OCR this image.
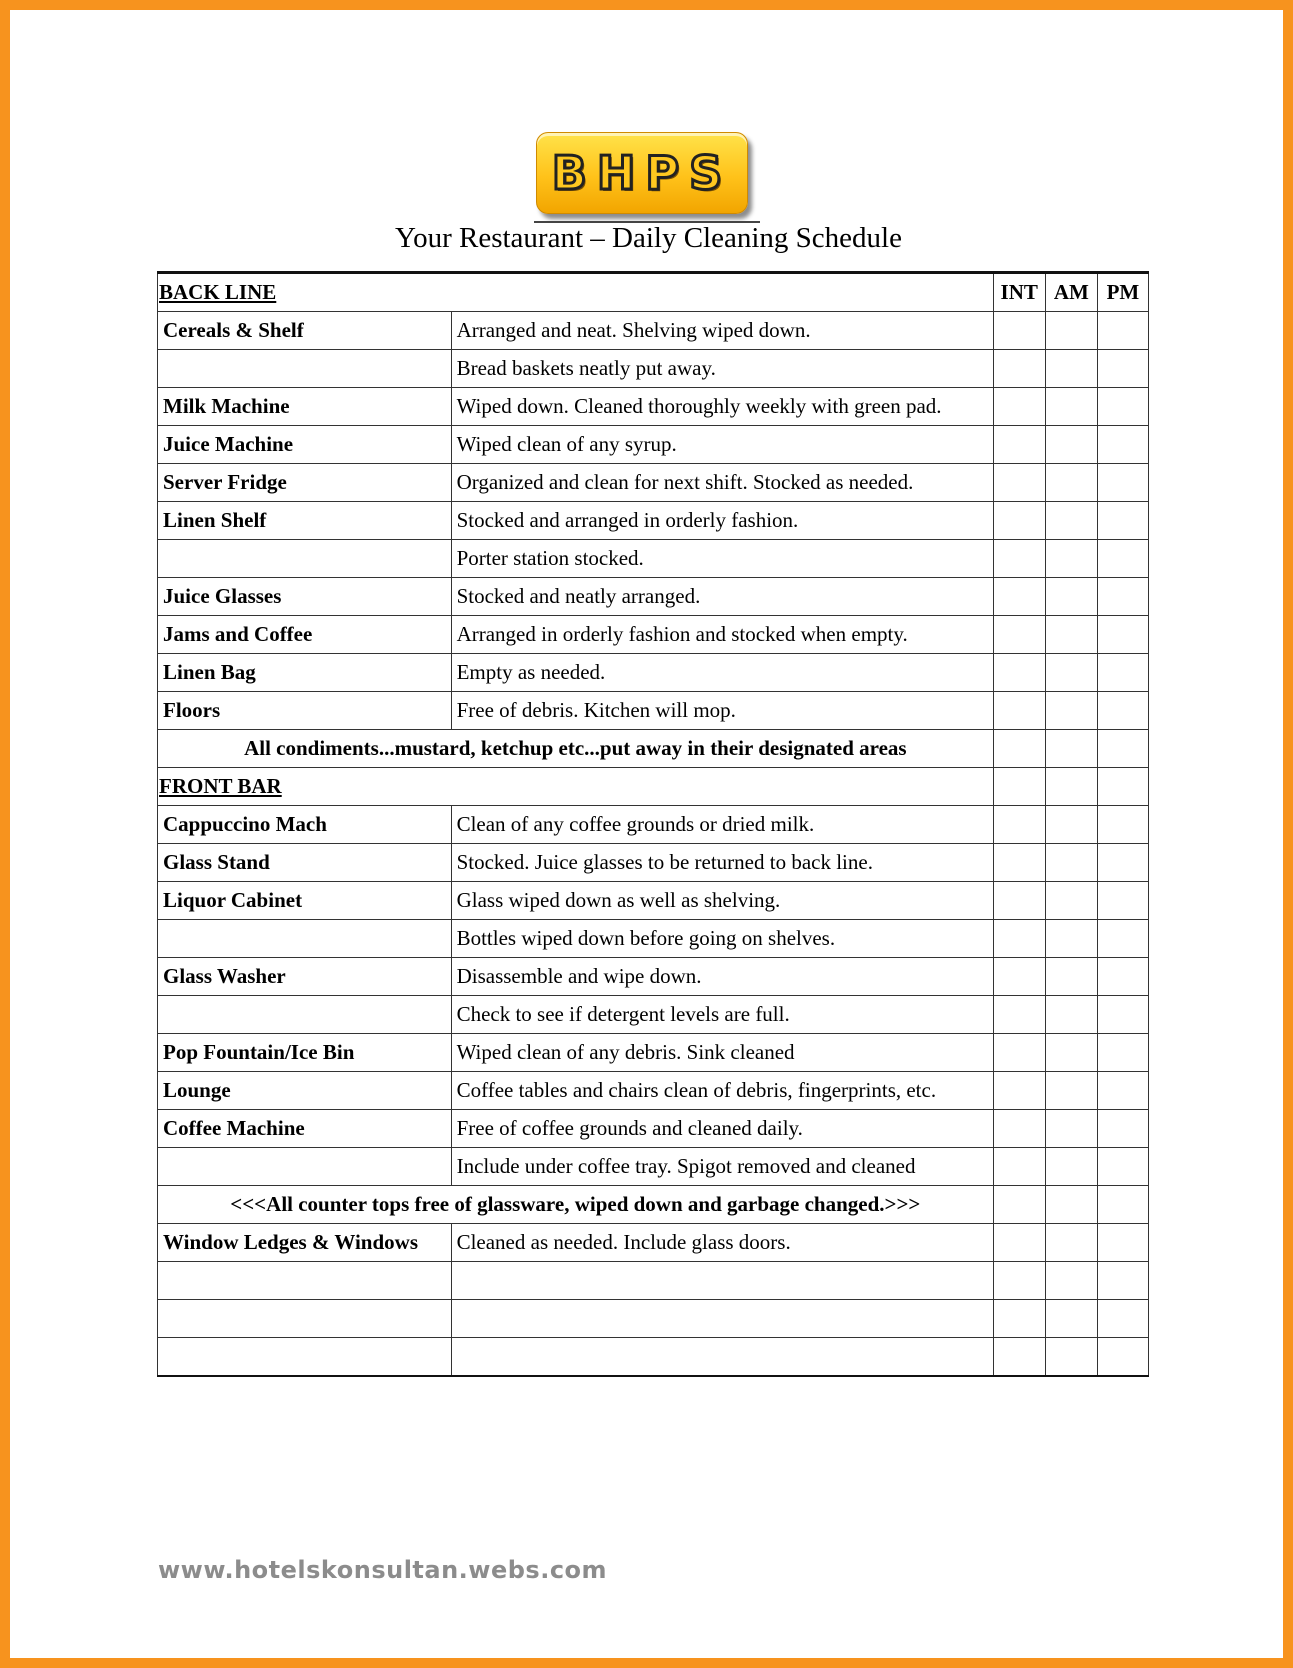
BHPS
Your Restaurant – Daily Cleaning Schedule
BACK LINE		INT	AM	PM
Cereals & Shelf	Arranged and neat. Shelving wiped down.			
	Bread baskets neatly put away.			
Milk Machine	Wiped down. Cleaned thoroughly weekly with green pad.			
Juice Machine	Wiped clean of any syrup.			
Server Fridge	Organized and clean for next shift. Stocked as needed.			
Linen Shelf	Stocked and arranged in orderly fashion.			
	Porter station stocked.			
Juice Glasses	Stocked and neatly arranged.			
Jams and Coffee	Arranged in orderly fashion and stocked when empty.			
Linen Bag	Empty as needed.			
Floors	Free of debris. Kitchen will mop.			
All condiments...mustard, ketchup etc...put away in their designated areas				
FRONT BAR				
Cappuccino Mach	Clean of any coffee grounds or dried milk.			
Glass Stand	Stocked. Juice glasses to be returned to back line.			
Liquor Cabinet	Glass wiped down as well as shelving.			
	Bottles wiped down before going on shelves.			
Glass Washer	Disassemble and wipe down.			
	Check to see if detergent levels are full.			
Pop Fountain/Ice Bin	Wiped clean of any debris. Sink cleaned			
Lounge	Coffee tables and chairs clean of debris, fingerprints, etc.			
Coffee Machine	Free of coffee grounds and cleaned daily.			
	Include under coffee tray. Spigot removed and cleaned			
<<<All counter tops free of glassware, wiped down and garbage changed.>>>				
Window Ledges & Windows	Cleaned as needed. Include glass doors.			

www.hotelskonsultan.webs.com
